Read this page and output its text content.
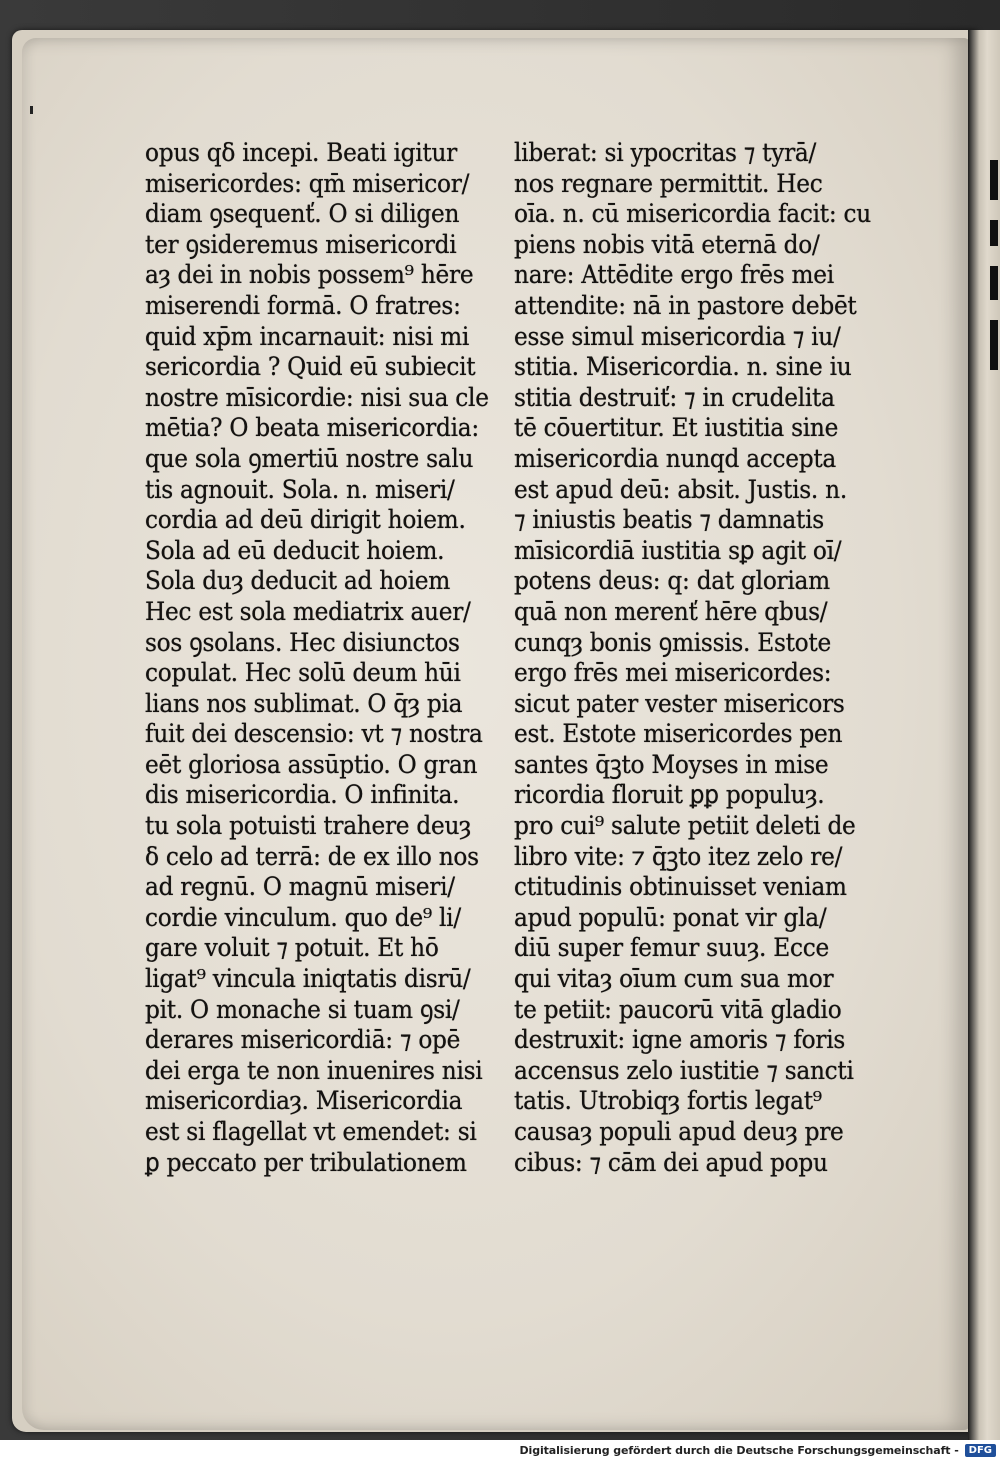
opus qδ incepi. Beati igitur
misericordes: qm̄ misericor/
diam ꝯsequenť. O si diligen
ter ꝯsideremus misericordi
aȝ dei in nobis possem⁹ hēre
miserendi formā. O fratres:
quid xp̄m incarnauit: nisi mi
sericordia ? Quid eū subiecit
nostre mīsicordie: nisi sua cle
mētia? O beata misericordia:
que sola ꝯmertiū nostre salu
tis agnouit. Sola. n. miseri/
cordia ad deū dirigit hoiem.
Sola ad eū deducit hoiem.
Sola duȝ deducit ad hoiem
Hec est sola mediatrix auer/
sos ꝯsolans. Hec disiunctos
copulat. Hec solū deum hūi
lians nos sublimat. O q̄ȝ pia
fuit dei descensio: vt ⁊ nostra
eēt gloriosa assūptio. O gran
dis misericordia. O infinita.
tu sola potuisti trahere deuȝ
δ celo ad terrā: de ex illo nos
ad regnū. O magnū miseri/
cordie vinculum. quo de⁹ li/
gare voluit ⁊ potuit. Et hō
ligat⁹ vincula iniqtatis disrū/
pit. O monache si tuam ꝯsi/
derares misericordiā: ⁊ opē
dei erga te non inuenires nisi
misericordiaȝ. Misericordia
est si flagellat vt emendet: si
ꝑ peccato per tribulationem
liberat: si ypocritas ⁊ tyrā/
nos regnare permittit. Hec
oīa. n. cū misericordia facit: cu
piens nobis vitā eternā do/
nare: Attēdite ergo frēs mei
attendite: nā in pastore debēt
esse simul misericordia ⁊ iu/
stitia. Misericordia. n. sine iu
stitia destruiť: ⁊ in crudelita
tē cōuertitur. Et iustitia sine
misericordia nunqd accepta
est apud deū: absit. Justis. n.
⁊ iniustis beatis ⁊ damnatis
mīsicordiā iustitia sꝑ agit oī/
potens deus: q: dat gloriam
quā non merenť hēre qbus/
cunqȝ bonis ꝯmissis. Estote
ergo frēs mei misericordes:
sicut pater vester misericors
est. Estote misericordes pen
santes q̄ꝫto Moyses in mise
ricordia floruit ꝑꝑ populuȝ.
pro cui⁹ salute petiit deleti de
libro vite: ⁊ q̄ꝫto itez zelo re/
ctitudinis obtinuisset veniam
apud populū: ponat vir gla/
diū super femur suuȝ. Ecce
qui vitaȝ oīum cum sua mor
te petiit: paucorū vitā gladio
destruxit: igne amoris ⁊ foris
accensus zelo iustitie ⁊ sancti
tatis. Utrobiqȝ fortis legat⁹
causaȝ populi apud deuȝ pre
cibus: ⁊ cām dei apud popu
Digitalisierung gefördert durch die Deutsche Forschungsgemeinschaft -	DFG
